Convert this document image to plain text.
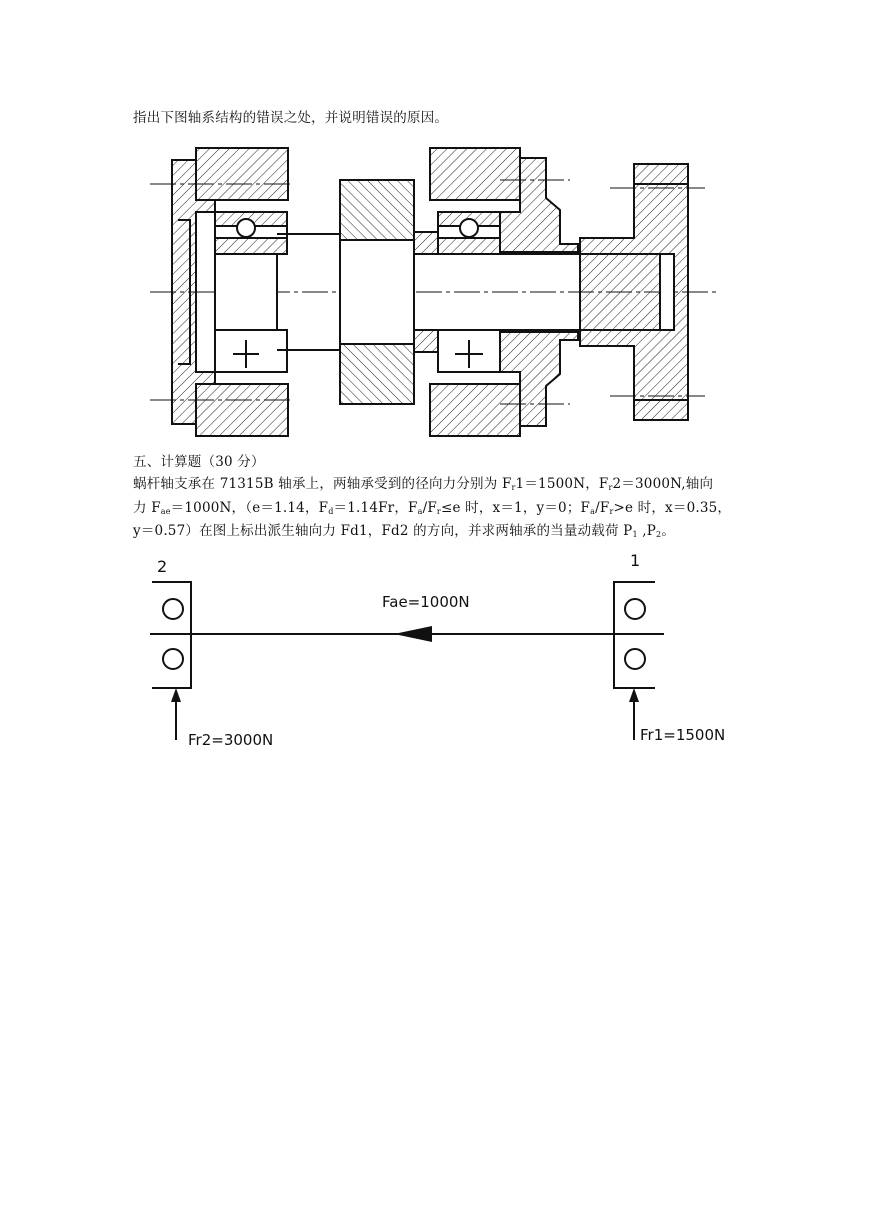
指出下图轴系结构的错误之处，并说明错误的原因。
五、计算题（30 分）
蜗杆轴支承在 71315B 轴承上，两轴承受到的径向力分别为 $F_r1=1500N$，$F_r2=3000N$,轴向
力 $F_{ae}=1000N$，（e＝1.14，$F_d=1.14Fr$，$F_a/F_r\le e$ 时，x＝1，y＝0；$F_a/F_r>e$ 时，x＝0.35，
y＝0.57）在图上标出派生轴向力 Fd1，Fd2 的方向，并求两轴承的当量动载荷 $P_1$ $,P_2$。
2	1
Fae=1000N
Fr2=3000N	Fr1=1500N
